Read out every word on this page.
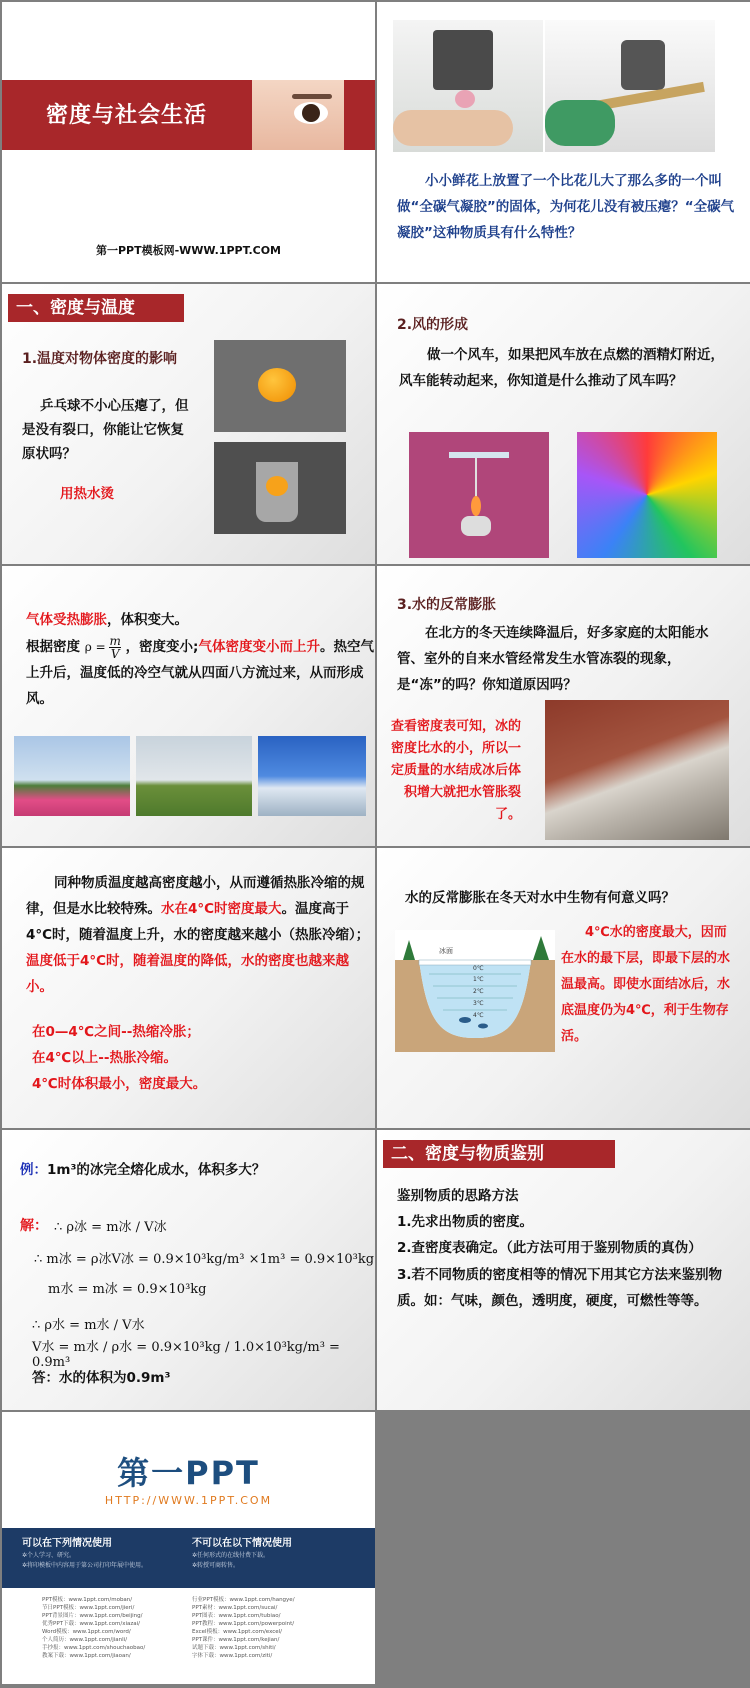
密度与社会生活
第一PPT模板网-WWW.1PPT.COM
小小鲜花上放置了一个比花儿大了那么多的一个叫做“全碳气凝胶”的固体，为何花儿没有被压瘪？“全碳气凝胶”这种物质具有什么特性？
一、密度与温度
1.温度对物体密度的影响
乒乓球不小心压瘪了，但是没有裂口，你能让它恢复原状吗？
用热水烫
2.风的形成
做一个风车，如果把风车放在点燃的酒精灯附近，风车能转动起来，你知道是什么推动了风车吗？
气体受热膨胀，体积变大。
根据密度 $\rho = \frac{m}{V}$ ，密度变小;气体密度变小而上升。热空气上升后，温度低的冷空气就从四面八方流过来，从而形成风。
3.水的反常膨胀
在北方的冬天连续降温后，好多家庭的太阳能水管、室外的自来水管经常发生水管冻裂的现象，是“冻”的吗？你知道原因吗？
查看密度表可知，冰的密度比水的小，所以一定质量的水结成冰后体积增大就把水管胀裂了。
同种物质温度越高密度越小，从而遵循热胀冷缩的规律，但是水比较特殊。水在4°C时密度最大。温度高于4°C时，随着温度上升，水的密度越来越小（热胀冷缩）；温度低于4°C时，随着温度的降低，水的密度也越来越小。
在0—4℃之间--热缩冷胀；
在4℃以上--热胀冷缩。
4℃时体积最小，密度最大。
水的反常膨胀在冬天对水中生物有何意义吗？
冰面
0℃
1℃
2℃
3℃
4℃
4℃水的密度最大，因而在水的最下层，即最下层的水温最高。即使水面结冰后，水底温度仍为4℃，利于生物存活。
例：1m³的冰完全熔化成水，体积多大？
解： ∴ ρ冰 = m冰 / V冰
∴ m冰 = ρ冰V冰 = 0.9×10³kg/m³ ×1m³ = 0.9×10³kg
m水 = m冰 = 0.9×10³kg
∴ ρ水 = m水 / V水
V水 = m水 / ρ水 = 0.9×10³kg / 1.0×10³kg/m³ = 0.9m³
答：水的体积为0.9m³
二、密度与物质鉴别
鉴别物质的思路方法
1.先求出物质的密度。
2.查密度表确定。（此方法可用于鉴别物质的真伪）
3.若不同物质的密度相等的情况下用其它方法来鉴别物质。如：气味，颜色，透明度，硬度，可燃性等等。
第一PPT
HTTP://WWW.1PPT.COM
可以在下列情况使用
✲个人学习、研究。
✲将印模板中内容用于第公司打印年展中使用。
不可以在以下情况使用
✲任何形式的在线付费下载。
✲转授可商转售。
PPT模板：www.1ppt.com/moban/
节日PPT模板：www.1ppt.com/jieri/
PPT背景图片：www.1ppt.com/beijing/
优秀PPT下载：www.1ppt.com/xiazai/
Word模板：www.1ppt.com/word/
个人简历：www.1ppt.com/jianli/
手抄报：www.1ppt.com/shouchaobao/
教案下载：www.1ppt.com/jiaoan/
行业PPT模板：www.1ppt.com/hangye/
PPT素材：www.1ppt.com/sucai/
PPT图表：www.1ppt.com/tubiao/
PPT教程：www.1ppt.com/powerpoint/
Excel模板：www.1ppt.com/excel/
PPT课件：www.1ppt.com/kejian/
试题下载：www.1ppt.com/shiti/
字体下载：www.1ppt.com/ziti/
